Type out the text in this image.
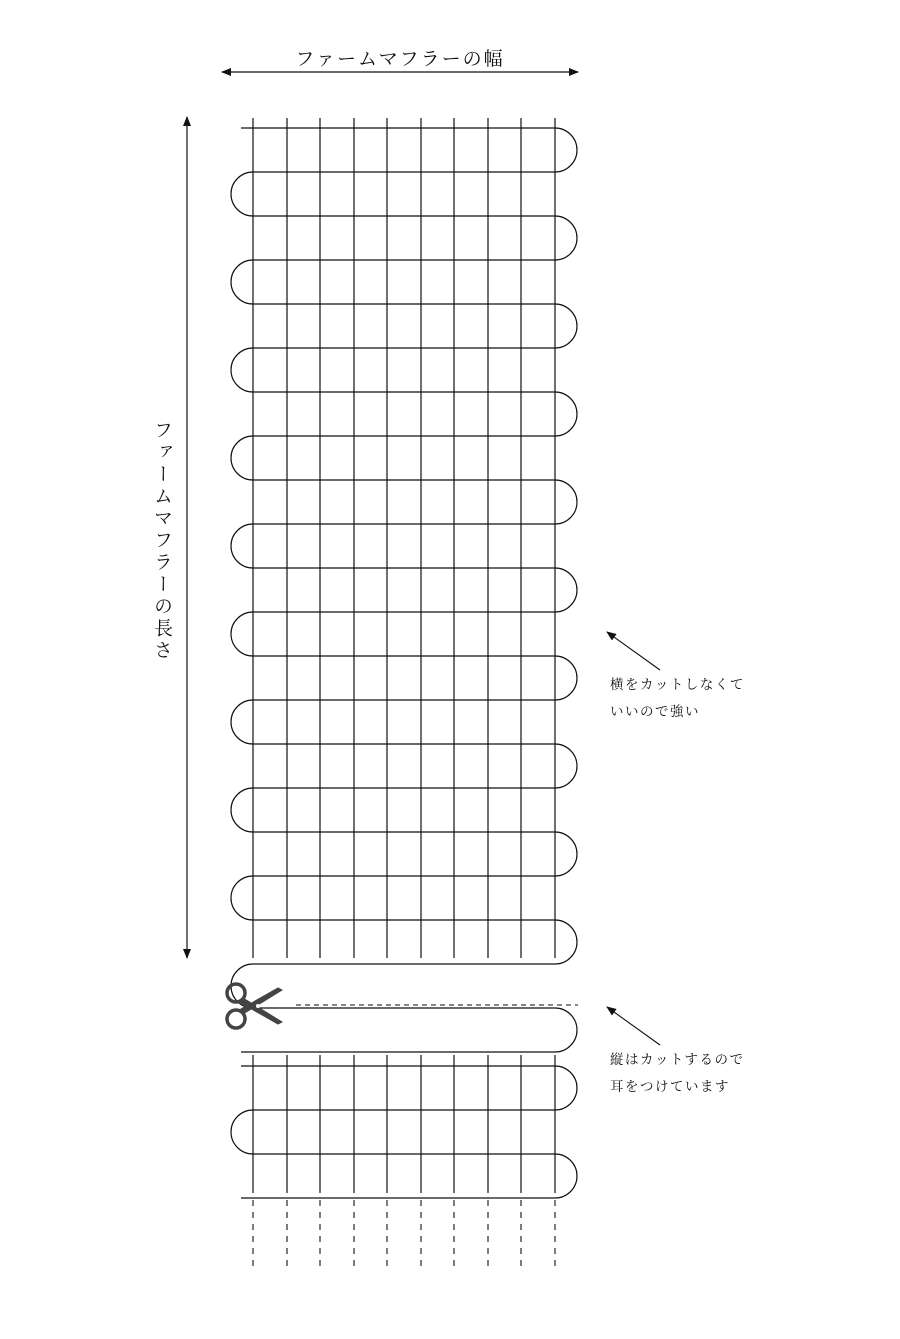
ファームマフラーの幅
ファームマフラーの長さ
横をカットしなくて
いいので強い
縦はカットするので
耳をつけています
